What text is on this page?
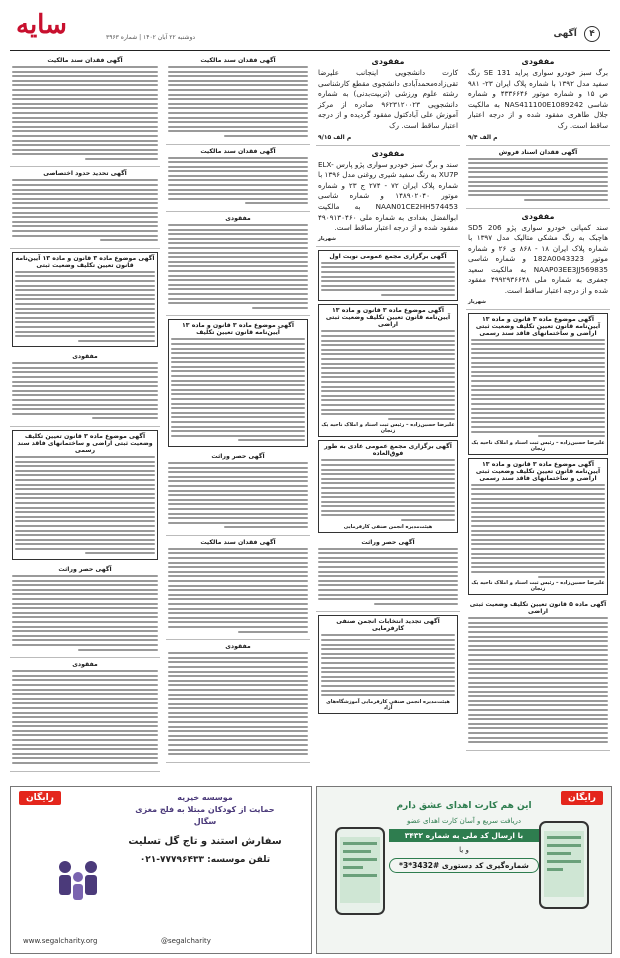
سایه	دوشنبه ۲۲ آبان ۱۴۰۲ | شماره ۳۹۶۳	آگهی ۴
مفقودی
برگ سبز خودرو سواری پراید 131 SE رنگ سفید مدل ۱۳۹۲ با شماره پلاک ایران ۲۳- ۹۸۱ ص ۱۵ و شماره موتور ۴۳۳۶۶۴۶ و شماره شاسی NAS411100E1089242 به مالکیت جلال طاهری مفقود شده و از درجه اعتبار ساقط است. رک
م الف ۹/۴
آگهی فقدان اسناد فروش
مفقودی
سند کمپانی خودرو سواری پژو 206 SD5 هاچبک به رنگ مشکی متالیک مدل ۱۳۹۷ با شماره پلاک ایران ۱۸ - ۸۶۸ ی ۲۶ و شماره موتور 182A0043323 و شماره شاسی NAAP03EE3JJ569835 به مالکیت سعید جعفری به شماره ملی ۴۹۹۲۹۳۶۶۴۸ مفقود شده و از درجه اعتبار ساقط است.
شهریار
آگهی موضوع ماده ۳ قانون و ماده ۱۳ آیین‌نامه قانون تعیین تکلیف وضعیت ثبتی اراضی و ساختمانهای فاقد سند رسمی
علیرضا حسین‌زاده – رئیس ثبت اسناد و املاک ناحیه یک زنجان
آگهی موضوع ماده ۳ قانون و ماده ۱۳ آیین‌نامه قانون تعیین تکلیف وضعیت ثبتی اراضی و ساختمانهای فاقد سند رسمی
علیرضا حسین‌زاده – رئیس ثبت اسناد و املاک ناحیه یک زنجان
آگهی ماده ۵ قانون تعیین تکلیف وضعیت ثبتی اراضی
مفقودی
کارت دانشجویی اینجانب علیرضا تقی‌زاده‌محمدآبادی دانشجوی مقطع کارشناسی رشته علوم ورزشی (تربیت‌بدنی) به شماره دانشجویی ۹۶۲۳۱۲۰۰۲۳ صادره از مرکز آموزش علی آبادکتول مفقود گردیده و از درجه اعتبار ساقط است. رک
م الف ۹/۱۵
مفقودی
سند و برگ سبز خودرو سواری پژو پارس ELX-XU7P به رنگ سفید شیری روغنی مدل ۱۳۹۶ با شماره پلاک ایران ۷۲ - ۲۷۴ ج ۲۳ و شماره موتور ۱۴۸۹۰۲۰۴۰ و شماره شاسی NAAN01CE2HH574453 به مالکیت ابوالفضل بغدادی به شماره ملی ۴۹۰۹۱۳۰۴۶۰ مفقود شده و از درجه اعتبار ساقط است.
شهریار
آگهی برگزاری مجمع عمومی نوبت اول
آگهی موضوع ماده ۳ قانون و ماده ۱۳ آیین‌نامه قانون تعیین تکلیف وضعیت ثبتی اراضی
علیرضا حسین‌زاده – رئیس ثبت اسناد و املاک ناحیه یک زنجان
آگهی برگزاری مجمع عمومی عادی به طور فوق‌العاده
هیئت‌مدیره انجمن صنفی کارفرمایی
آگهی حصر وراثت
آگهی تجدید انتخابات انجمن صنفی کارفرمایی
هیئت‌مدیره انجمن صنفی کارفرمایی آموزشگاه‌های آزاد
آگهی فقدان سند مالکیت
آگهی فقدان سند مالکیت
مفقودی
آگهی موضوع ماده ۳ قانون و ماده ۱۳ آیین‌نامه قانون تعیین تکلیف
آگهی حصر وراثت
آگهی فقدان سند مالکیت
مفقودی
آگهی فقدان سند مالکیت
آگهی تحدید حدود اختصاصی
آگهی موضوع ماده ۳ قانون و ماده ۱۳ آیین‌نامه قانون تعیین تکلیف وضعیت ثبتی
مفقودی
آگهی موضوع ماده ۳ قانون تعیین تکلیف وضعیت ثبتی اراضی و ساختمانهای فاقد سند رسمی
آگهی حصر وراثت
مفقودی
رایگان
این هم کارت اهدای عشق دارم
دریافت سریع و آسان کارت اهدای عضو
با ارسال کد ملی به شماره ۳۴۳۲
و یا
شماره‌گیری کد دستوری #3432*3*
رایگان	موسسه خیریه
حمایت از کودکان مبتلا به فلج مغزی
سگال
سفارش استند و تاج گل تسلیت
تلفن موسسه: ۷۷۷۹۶۴۳۳-۰۲۱
www.segalcharity.org	@segalcharity
